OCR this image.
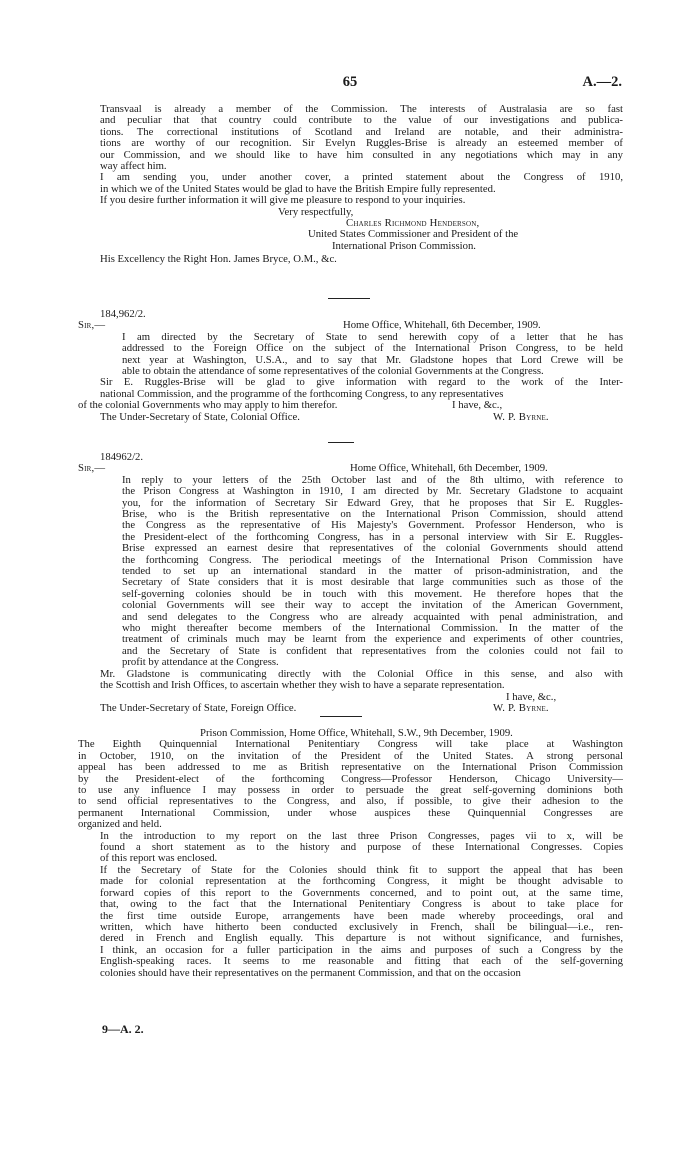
65	A.—2.

Transvaal is already a member of the Commission. The interests of Australasia are so fast
and peculiar that that country could contribute to the value of our investigations and publica-
tions. The correctional institutions of Scotland and Ireland are notable, and their administra-
tions are worthy of our recognition. Sir Evelyn Ruggles-Brise is already an esteemed member of
our Commission, and we should like to have him consulted in any negotiations which may in any
way affect him.

I am sending you, under another cover, a printed statement about the Congress of 1910,
in which we of the United States would be glad to have the British Empire fully represented.

If you desire further information it will give me pleasure to respond to your inquiries.

Very respectfully,
Charles Richmond Henderson,
United States Commissioner and President of the
International Prison Commission.
His Excellency the Right Hon. James Bryce, O.M., &c.
184,962/2.
Sir,—	Home Office, Whitehall, 6th December, 1909.

I am directed by the Secretary of State to send herewith copy of a letter that he has
addressed to the Foreign Office on the subject of the International Prison Congress, to be held
next year at Washington, U.S.A., and to say that Mr. Gladstone hopes that Lord Crewe will be
able to obtain the attendance of some representatives of the colonial Governments at the Congress.

Sir E. Ruggles-Brise will be glad to give information with regard to the work of the Inter-
national Commission, and the programme of the forthcoming Congress, to any representatives

of the colonial Governments who may apply to him therefor.	I have, &c.,
The Under-Secretary of State, Colonial Office.	W. P. Byrne.
184962/2.
Sir,—	Home Office, Whitehall, 6th December, 1909.

In reply to your letters of the 25th October last and of the 8th ultimo, with reference to
the Prison Congress at Washington in 1910, I am directed by Mr. Secretary Gladstone to acquaint
you, for the information of Secretary Sir Edward Grey, that he proposes that Sir E. Ruggles-
Brise, who is the British representative on the International Prison Commission, should attend
the Congress as the representative of His Majesty's Government. Professor Henderson, who is
the President-elect of the forthcoming Congress, has in a personal interview with Sir E. Ruggles-
Brise expressed an earnest desire that representatives of the colonial Governments should attend
the forthcoming Congress. The periodical meetings of the International Prison Commission have
tended to set up an international standard in the matter of prison-administration, and the
Secretary of State considers that it is most desirable that large communities such as those of the
self-governing colonies should be in touch with this movement. He therefore hopes that the
colonial Governments will see their way to accept the invitation of the American Government,
and send delegates to the Congress who are already acquainted with penal administration, and
who might thereafter become members of the International Commission. In the matter of the
treatment of criminals much may be learnt from the experience and experiments of other countries,
and the Secretary of State is confident that representatives from the colonies could not fail to
profit by attendance at the Congress.

Mr. Gladstone is communicating directly with the Colonial Office in this sense, and also with
the Scottish and Irish Offices, to ascertain whether they wish to have a separate representation.

I have, &c.,
The Under-Secretary of State, Foreign Office.	W. P. Byrne.
Prison Commission, Home Office, Whitehall, S.W., 9th December, 1909.

The Eighth Quinquennial International Penitentiary Congress will take place at Washington
in October, 1910, on the invitation of the President of the United States. A strong personal
appeal has been addressed to me as British representative on the International Prison Commission
by the President-elect of the forthcoming Congress—Professor Henderson, Chicago University—
to use any influence I may possess in order to persuade the great self-governing dominions both
to send official representatives to the Congress, and also, if possible, to give their adhesion to the
permanent International Commission, under whose auspices these Quinquennial Congresses are
organized and held.

In the introduction to my report on the last three Prison Congresses, pages vii to x, will be
found a short statement as to the history and purpose of these International Congresses. Copies
of this report was enclosed.

If the Secretary of State for the Colonies should think fit to support the appeal that has been
made for colonial representation at the forthcoming Congress, it might be thought advisable to
forward copies of this report to the Governments concerned, and to point out, at the same time,
that, owing to the fact that the International Penitentiary Congress is about to take place for
the first time outside Europe, arrangements have been made whereby proceedings, oral and
written, which have hitherto been conducted exclusively in French, shall be bilingual—i.e., ren-
dered in French and English equally. This departure is not without significance, and furnishes,
I think, an occasion for a fuller participation in the aims and purposes of such a Congress by the
English-speaking races. It seems to me reasonable and fitting that each of the self-governing
colonies should have their representatives on the permanent Commission, and that on the occasion

9—A. 2.
